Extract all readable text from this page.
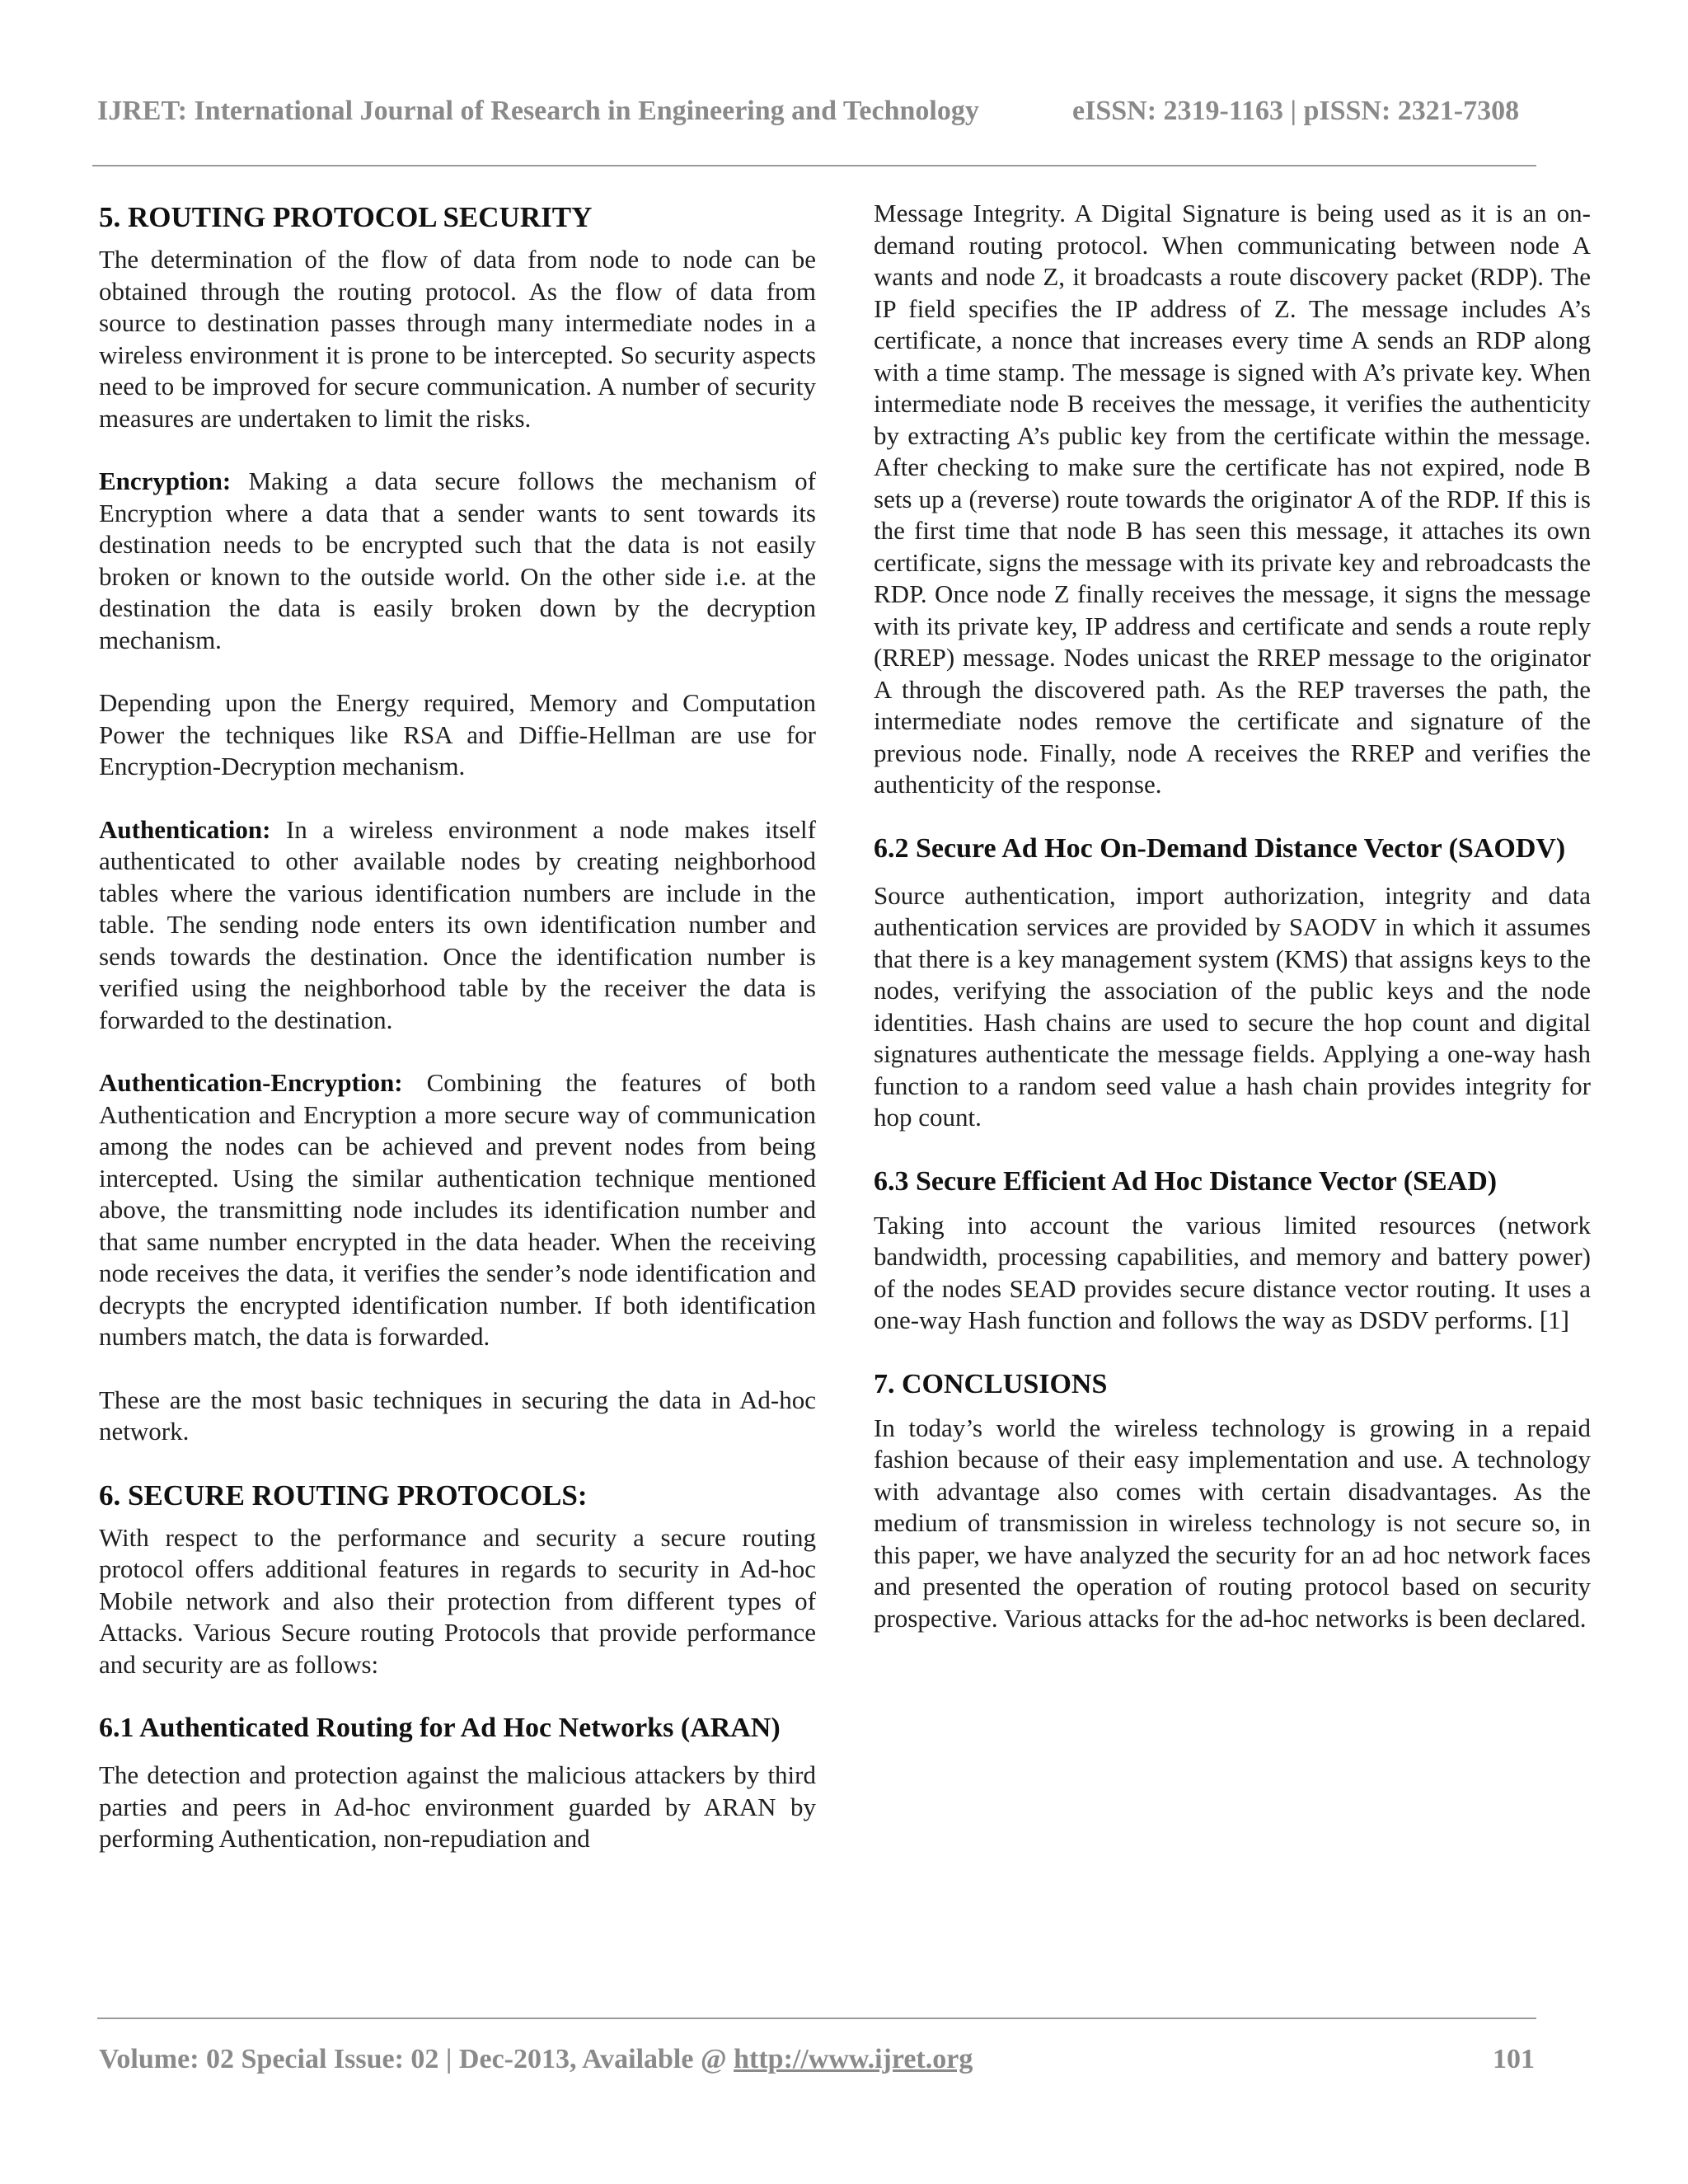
IJRET: International Journal of Research in Engineering and Technology	eISSN: 2319-1163 | pISSN: 2321-7308
5. ROUTING PROTOCOL SECURITY

The determination of the flow of data from node to node can be obtained through the routing protocol. As the flow of data from source to destination passes through many intermediate nodes in a wireless environment it is prone to be intercepted. So security aspects need to be improved for secure communication. A number of security measures are undertaken to limit the risks.

Encryption: Making a data secure follows the mechanism of Encryption where a data that a sender wants to sent towards its destination needs to be encrypted such that the data is not easily broken or known to the outside world. On the other side i.e. at the destination the data is easily broken down by the decryption mechanism.

Depending upon the Energy required, Memory and Computation Power the techniques like RSA and Diffie-Hellman are use for Encryption-Decryption mechanism.

Authentication: In a wireless environment a node makes itself authenticated to other available nodes by creating neighborhood tables where the various identification numbers are include in the table. The sending node enters its own identification number and sends towards the destination. Once the identification number is verified using the neighborhood table by the receiver the data is forwarded to the destination.

Authentication-Encryption: Combining the features of both Authentication and Encryption a more secure way of communication among the nodes can be achieved and prevent nodes from being intercepted. Using the similar authentication technique mentioned above, the transmitting node includes its identification number and that same number encrypted in the data header. When the receiving node receives the data, it verifies the sender’s node identification and decrypts the encrypted identification number. If both identification numbers match, the data is forwarded.

These are the most basic techniques in securing the data in Ad-hoc network.

6. SECURE ROUTING PROTOCOLS:

With respect to the performance and security a secure routing protocol offers additional features in regards to security in Ad-hoc Mobile network and also their protection from different types of Attacks. Various Secure routing Protocols that provide performance and security are as follows:

6.1 Authenticated Routing for Ad Hoc Networks (ARAN)

The detection and protection against the malicious attackers by third parties and peers in Ad-hoc environment guarded by ARAN by performing Authentication, non-repudiation and

Message Integrity. A Digital Signature is being used as it is an on-demand routing protocol. When communicating between node A wants and node Z, it broadcasts a route discovery packet (RDP). The IP field specifies the IP address of Z. The message includes A’s certificate, a nonce that increases every time A sends an RDP along with a time stamp. The message is signed with A’s private key. When intermediate node B receives the message, it verifies the authenticity by extracting A’s public key from the certificate within the message. After checking to make sure the certificate has not expired, node B sets up a (reverse) route towards the originator A of the RDP. If this is the first time that node B has seen this message, it attaches its own certificate, signs the message with its private key and rebroadcasts the RDP. Once node Z finally receives the message, it signs the message with its private key, IP address and certificate and sends a route reply (RREP) message. Nodes unicast the RREP message to the originator A through the discovered path. As the REP traverses the path, the intermediate nodes remove the certificate and signature of the previous node. Finally, node A receives the RREP and verifies the authenticity of the response.

6.2 Secure Ad Hoc On-Demand Distance Vector (SAODV)

Source authentication, import authorization, integrity and data authentication services are provided by SAODV in which it assumes that there is a key management system (KMS) that assigns keys to the nodes, verifying the association of the public keys and the node identities. Hash chains are used to secure the hop count and digital signatures authenticate the message fields. Applying a one-way hash function to a random seed value a hash chain provides integrity for hop count.

6.3 Secure Efficient Ad Hoc Distance Vector (SEAD)

Taking into account the various limited resources (network bandwidth, processing capabilities, and memory and battery power) of the nodes SEAD provides secure distance vector routing. It uses a one-way Hash function and follows the way as DSDV performs. [1]

7. CONCLUSIONS

In today’s world the wireless technology is growing in a repaid fashion because of their easy implementation and use. A technology with advantage also comes with certain disadvantages. As the medium of transmission in wireless technology is not secure so, in this paper, we have analyzed the security for an ad hoc network faces and presented the operation of routing protocol based on security prospective. Various attacks for the ad-hoc networks is been declared.

Volume: 02 Special Issue: 02 | Dec-2013, Available @ http://www.ijret.org	101
